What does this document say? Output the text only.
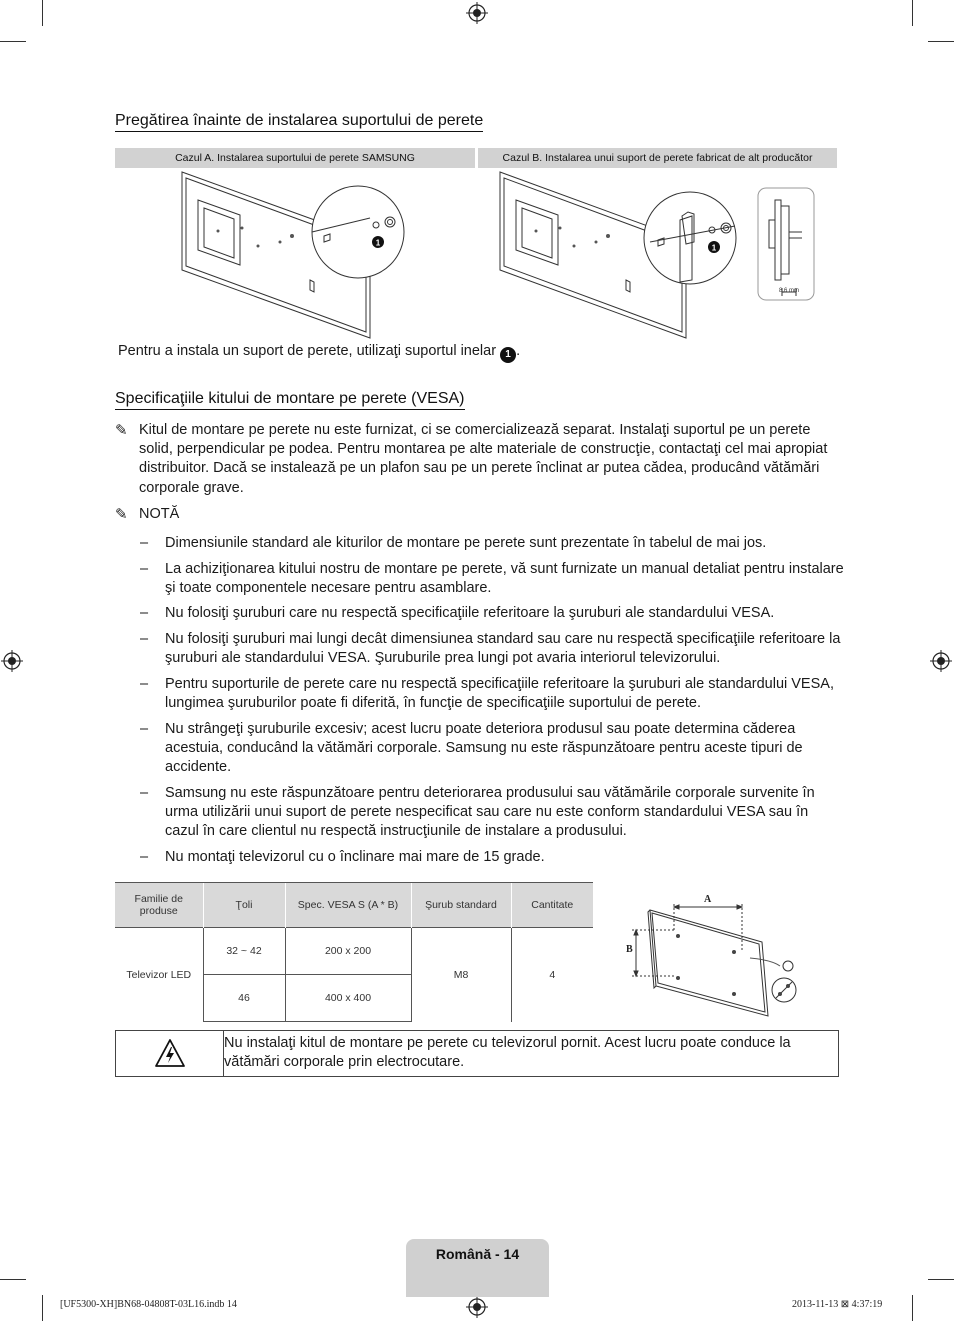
Pregătirea înainte de instalarea suportului de perete
Cazul A. Instalarea suportului de perete SAMSUNG	Cazul B. Instalarea unui suport de perete fabricat de alt producător
1
1
8,6 mm
Pentru a instala un suport de perete, utilizaţi suportul inelar 1 .
Specificaţiile kitului de montare pe perete (VESA)
✎ Kitul de montare pe perete nu este furnizat, ci se comercializează separat. Instalaţi suportul pe un perete solid, perpendicular pe podea. Pentru montarea pe alte materiale de construcţie, contactaţi cel mai apropiat distribuitor. Dacă se instalează pe un plafon sau pe un perete înclinat ar putea cădea, producând vătămări corporale grave.
✎ NOTĂ
– Dimensiunile standard ale kiturilor de montare pe perete sunt prezentate în tabelul de mai jos.
– La achiziţionarea kitului nostru de montare pe perete, vă sunt furnizate un manual detaliat pentru instalare şi toate componentele necesare pentru asamblare.
– Nu folosiţi şuruburi care nu respectă specificaţiile referitoare la şuruburi ale standardului VESA.
– Nu folosiţi şuruburi mai lungi decât dimensiunea standard sau care nu respectă specificaţiile referitoare la şuruburi ale standardului VESA. Şuruburile prea lungi pot avaria interiorul televizorului.
– Pentru suporturile de perete care nu respectă specificaţiile referitoare la şuruburi ale standardului VESA, lungimea şuruburilor poate fi diferită, în funcţie de specificaţiile suportului de perete.
– Nu strângeţi şuruburile excesiv; acest lucru poate deteriora produsul sau poate determina căderea acestuia, conducând la vătămări corporale. Samsung nu este răspunzătoare pentru aceste tipuri de accidente.
– Samsung nu este răspunzătoare pentru deteriorarea produsului sau vătămările corporale survenite în urma utilizării unui suport de perete nespecificat sau care nu este conform standardului VESA sau în cazul în care clientul nu respectă instrucţiunile de instalare a produsului.
– Nu montaţi televizorul cu o înclinare mai mare de 15 grade.
Familie de produse	Ţoli	Spec. VESA S (A * B)	Şurub standard	Cantitate
Televizor LED	32 ~ 42	200 x 200	M8	4
	46	400 x 400		
A
B
Nu instalaţi kitul de montare pe perete cu televizorul pornit. Acest lucru poate conduce la vătămări corporale prin electrocutare.
Română - 14
[UF5300-XH]BN68-04808T-03L16.indb 14	2013-11-13 ⊠ 4:37:19
